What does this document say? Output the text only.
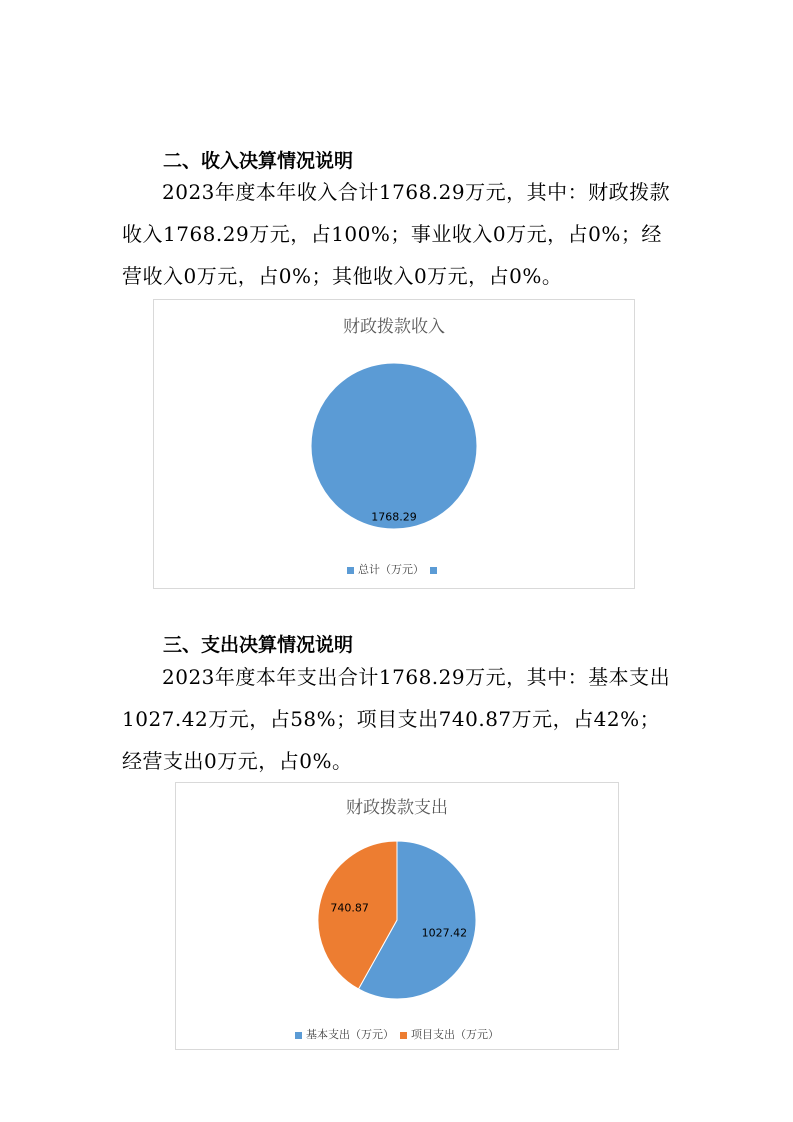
二、收入决算情况说明

2023年度本年收入合计1768.29万元，其中：财政拨款收入1768.29万元，占100%；事业收入0万元，占0%；经营收入0万元，占0%；其他收入0万元，占0%。

财政拨款收入
1768.29
总计（万元）
三、支出决算情况说明

2023年度本年支出合计1768.29万元，其中：基本支出1027.42万元，占58%；项目支出740.87万元，占42%；经营支出0万元，占0%。

财政拨款支出
1027.42
740.87
基本支出（万元） 项目支出（万元）
